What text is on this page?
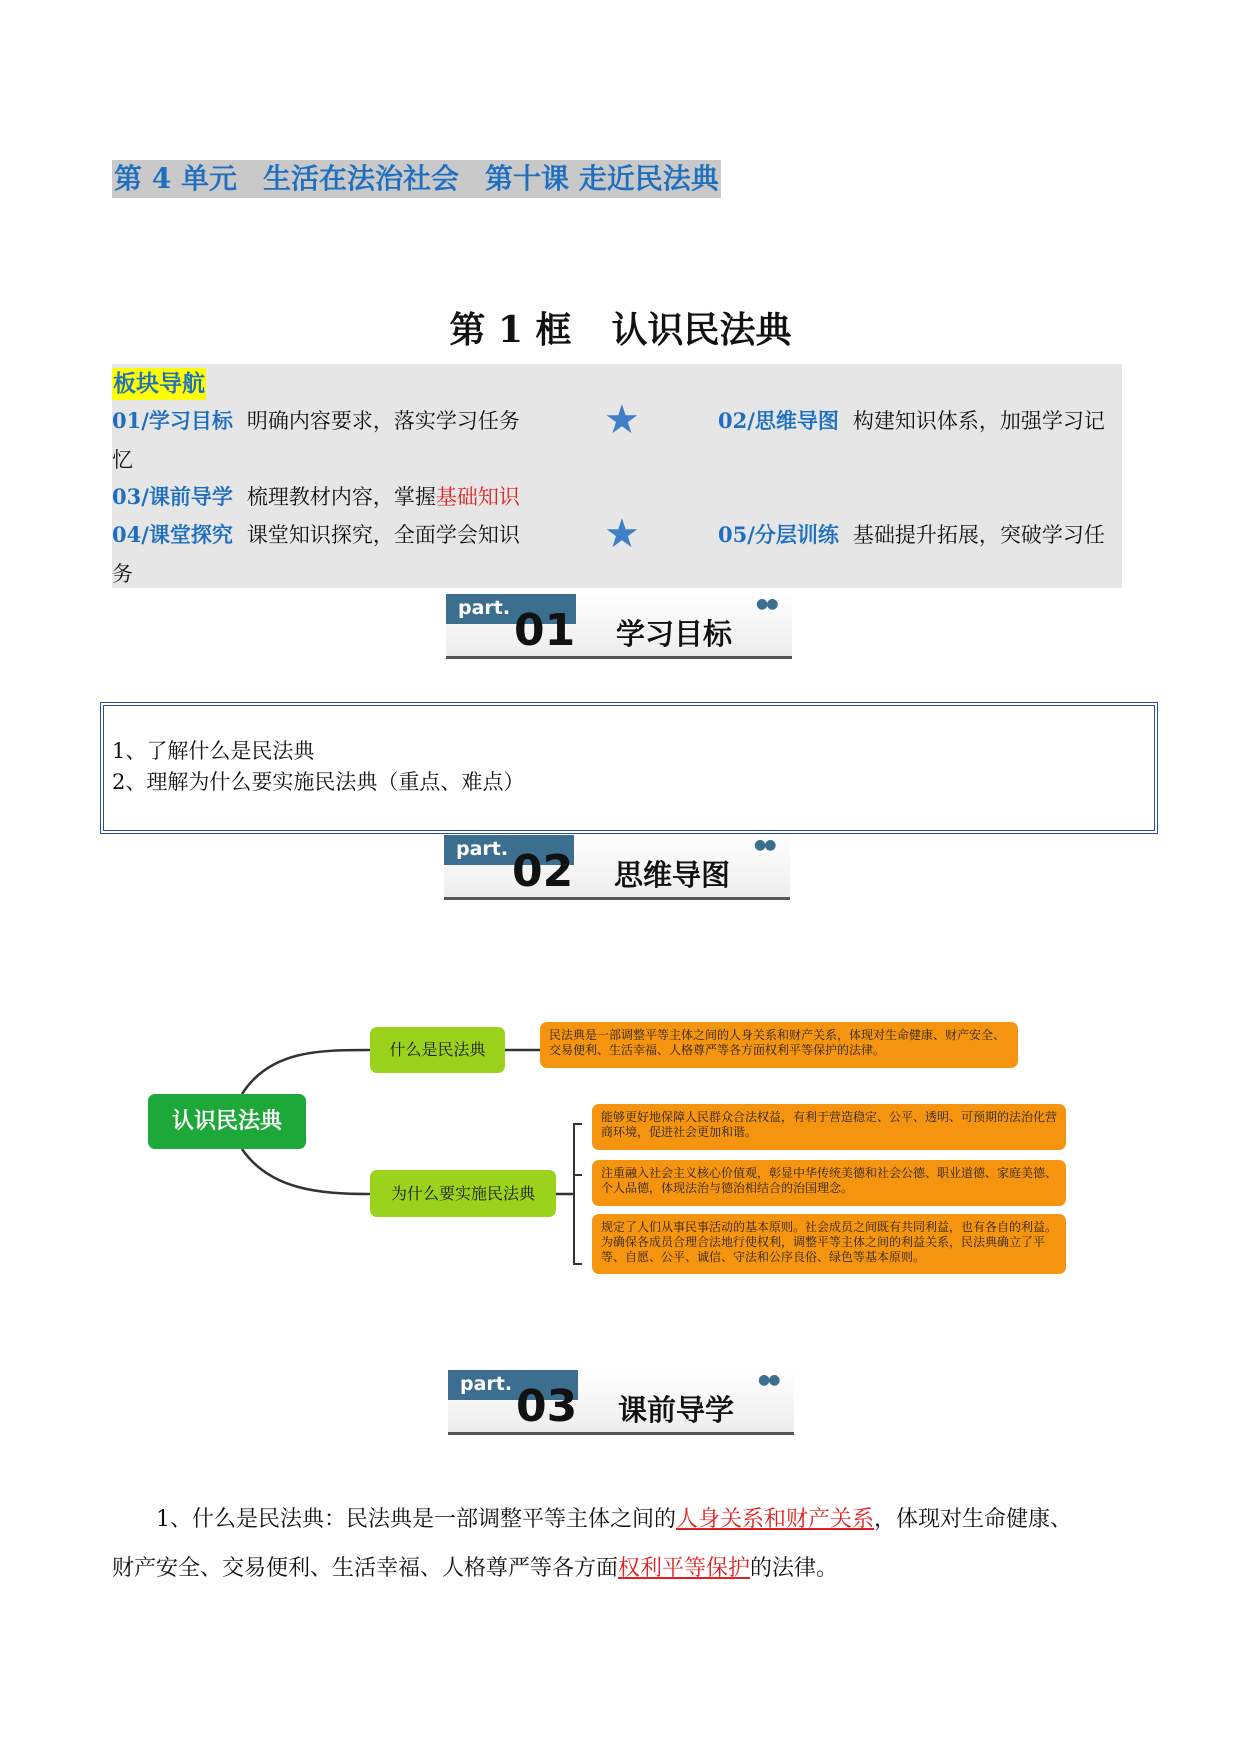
第 4 单元 生活在法治社会 第十课 走近民法典
第 1 框 认识民法典
板块导航
01/学习目标 明确内容要求，落实学习任务 ★	02/思维导图 构建知识体系，加强学习记
忆
03/课前导学 梳理教材内容，掌握基础知识
04/课堂探究 课堂知识探究，全面学会知识 ★	05/分层训练 基础提升拓展，突破学习任
务
part. 01 学习目标
●●
1、了解什么是民法典
2、理解为什么要实施民法典（重点、难点）
part. 02 思维导图
●●
认识民法典
什么是民法典
民法典是一部调整平等主体之间的人身关系和财产关系，体现对生命健康、财产安全、交易便利、生活幸福、人格尊严等各方面权利平等保护的法律。
为什么要实施民法典
能够更好地保障人民群众合法权益，有利于营造稳定、公平、透明、可预期的法治化营商环境，促进社会更加和谐。
注重融入社会主义核心价值观，彰显中华传统美德和社会公德、职业道德、家庭美德、个人品德，体现法治与德治相结合的治国理念。
规定了人们从事民事活动的基本原则。社会成员之间既有共同利益，也有各自的利益。为确保各成员合理合法地行使权利，调整平等主体之间的利益关系，民法典确立了平等、自愿、公平、诚信、守法和公序良俗、绿色等基本原则。
part. 03 课前导学
●●
1、什么是民法典：民法典是一部调整平等主体之间的人身关系和财产关系，体现对生命健康、
财产安全、交易便利、生活幸福、人格尊严等各方面权利平等保护的法律。
